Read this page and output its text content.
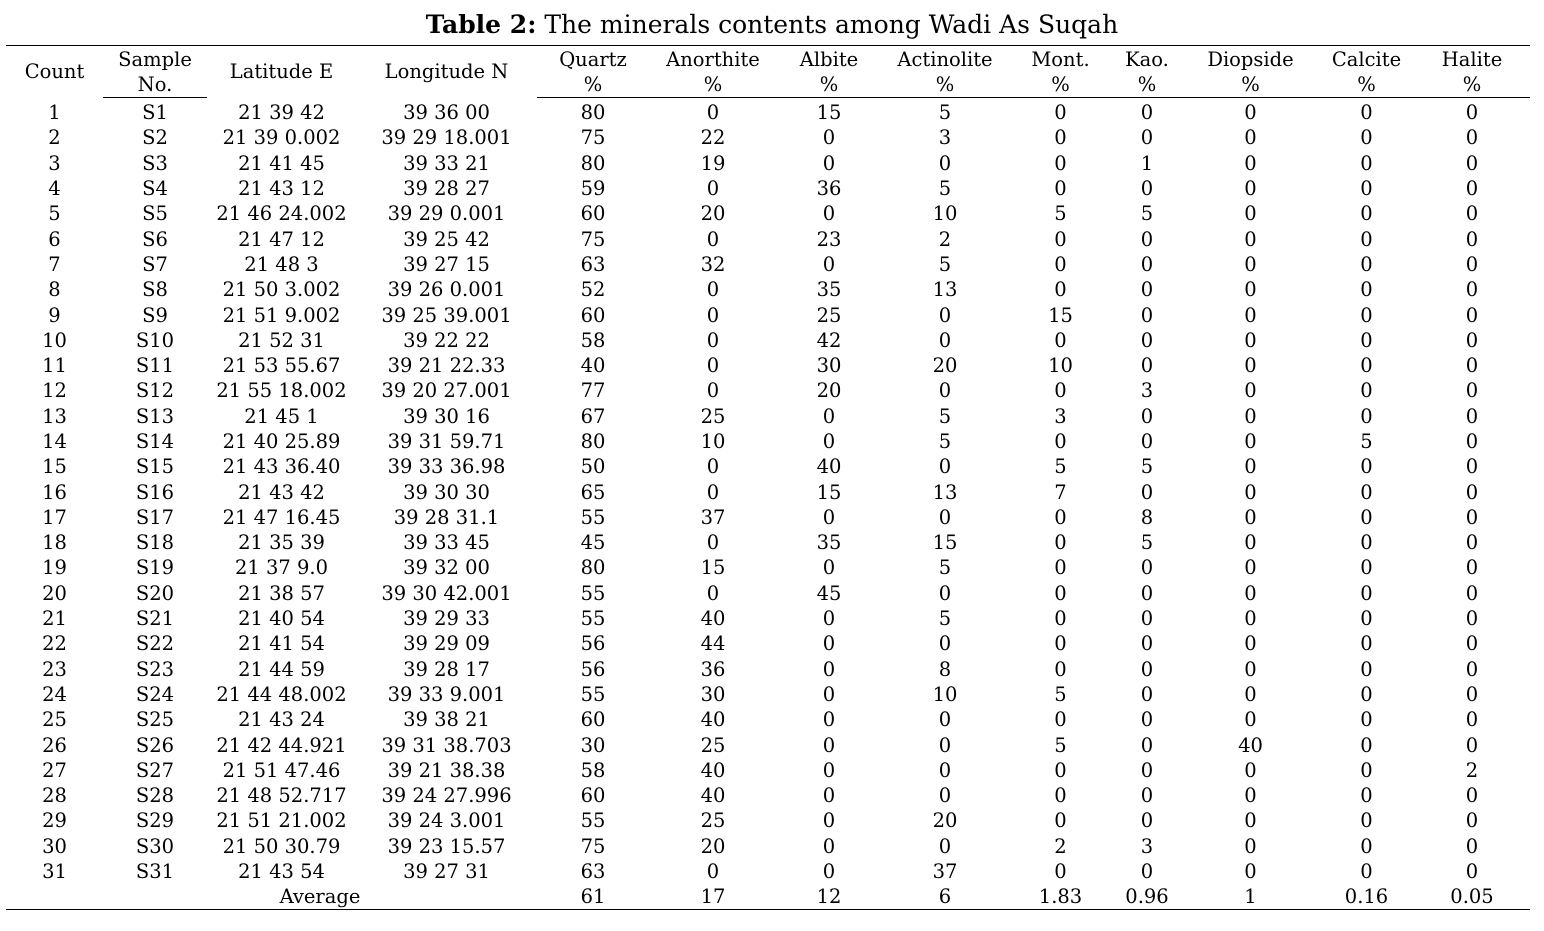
Table 2: The minerals contents among Wadi As Suqah
Count	Sample	Latitude E	Longitude N	Quartz	Anorthite	Albite	Actinolite	Mont.	Kao.	Diopside	Calcite	Halite
	No.			%	%	%	%	%	%	%	%	%
1	S1	21 39 42	39 36 00	80	0	15	5	0	0	0	0	0
2	S2	21 39 0.002	39 29 18.001	75	22	0	3	0	0	0	0	0
3	S3	21 41 45	39 33 21	80	19	0	0	0	1	0	0	0
4	S4	21 43 12	39 28 27	59	0	36	5	0	0	0	0	0
5	S5	21 46 24.002	39 29 0.001	60	20	0	10	5	5	0	0	0
6	S6	21 47 12	39 25 42	75	0	23	2	0	0	0	0	0
7	S7	21 48 3	39 27 15	63	32	0	5	0	0	0	0	0
8	S8	21 50 3.002	39 26 0.001	52	0	35	13	0	0	0	0	0
9	S9	21 51 9.002	39 25 39.001	60	0	25	0	15	0	0	0	0
10	S10	21 52 31	39 22 22	58	0	42	0	0	0	0	0	0
11	S11	21 53 55.67	39 21 22.33	40	0	30	20	10	0	0	0	0
12	S12	21 55 18.002	39 20 27.001	77	0	20	0	0	3	0	0	0
13	S13	21 45 1	39 30 16	67	25	0	5	3	0	0	0	0
14	S14	21 40 25.89	39 31 59.71	80	10	0	5	0	0	0	5	0
15	S15	21 43 36.40	39 33 36.98	50	0	40	0	5	5	0	0	0
16	S16	21 43 42	39 30 30	65	0	15	13	7	0	0	0	0
17	S17	21 47 16.45	39 28 31.1	55	37	0	0	0	8	0	0	0
18	S18	21 35 39	39 33 45	45	0	35	15	0	5	0	0	0
19	S19	21 37 9.0	39 32 00	80	15	0	5	0	0	0	0	0
20	S20	21 38 57	39 30 42.001	55	0	45	0	0	0	0	0	0
21	S21	21 40 54	39 29 33	55	40	0	5	0	0	0	0	0
22	S22	21 41 54	39 29 09	56	44	0	0	0	0	0	0	0
23	S23	21 44 59	39 28 17	56	36	0	8	0	0	0	0	0
24	S24	21 44 48.002	39 33 9.001	55	30	0	10	5	0	0	0	0
25	S25	21 43 24	39 38 21	60	40	0	0	0	0	0	0	0
26	S26	21 42 44.921	39 31 38.703	30	25	0	0	5	0	40	0	0
27	S27	21 51 47.46	39 21 38.38	58	40	0	0	0	0	0	0	2
28	S28	21 48 52.717	39 24 27.996	60	40	0	0	0	0	0	0	0
29	S29	21 51 21.002	39 24 3.001	55	25	0	20	0	0	0	0	0
30	S30	21 50 30.79	39 23 15.57	75	20	0	0	2	3	0	0	0
31	S31	21 43 54	39 27 31	63	0	0	37	0	0	0	0	0
	Average			61	17	12	6	1.83	0.96	1	0.16	0.05
